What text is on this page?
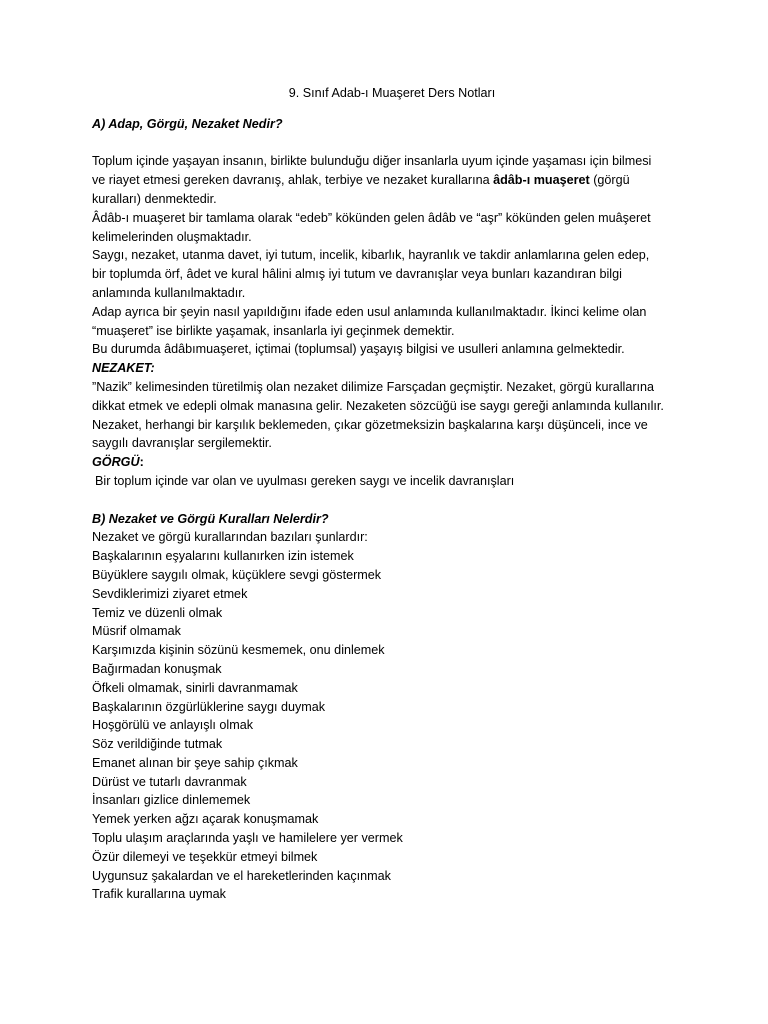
9. Sınıf Adab-ı Muaşeret Ders Notları
A) Adap, Görgü, Nezaket Nedir?

Toplum içinde yaşayan insanın, birlikte bulunduğu diğer insanlarla uyum içinde yaşaması için bilmesi

ve riayet etmesi gereken davranış, ahlak, terbiye ve nezaket kurallarına âdâb-ı muaşeret (görgü

kuralları) denmektedir.

Âdâb-ı muaşeret bir tamlama olarak “edeb” kökünden gelen âdâb ve “aşr” kökünden gelen muâşeret

kelimelerinden oluşmaktadır.

Saygı, nezaket, utanma davet, iyi tutum, incelik, kibarlık, hayranlık ve takdir anlamlarına gelen edep,

bir toplumda örf, âdet ve kural hâlini almış iyi tutum ve davranışlar veya bunları kazandıran bilgi

anlamında kullanılmaktadır.

Adap ayrıca bir şeyin nasıl yapıldığını ifade eden usul anlamında kullanılmaktadır. İkinci kelime olan

“muaşeret” ise birlikte yaşamak, insanlarla iyi geçinmek demektir.

Bu durumda âdâbımuaşeret, içtimai (toplumsal) yaşayış bilgisi ve usulleri anlamına gelmektedir.

NEZAKET:

”Nazik” kelimesinden türetilmiş olan nezaket dilimize Farsçadan geçmiştir. Nezaket, görgü kurallarına

dikkat etmek ve edepli olmak manasına gelir. Nezaketen sözcüğü ise saygı gereği anlamında kullanılır.

Nezaket, herhangi bir karşılık beklemeden, çıkar gözetmeksizin başkalarına karşı düşünceli, ince ve

saygılı davranışlar sergilemektir.

GÖRGÜ:

Bir toplum içinde var olan ve uyulması gereken saygı ve incelik davranışları

B) Nezaket ve Görgü Kuralları Nelerdir?

Nezaket ve görgü kurallarından bazıları şunlardır:

Başkalarının eşyalarını kullanırken izin istemek
Büyüklere saygılı olmak, küçüklere sevgi göstermek
Sevdiklerimizi ziyaret etmek
Temiz ve düzenli olmak
Müsrif olmamak
Karşımızda kişinin sözünü kesmemek, onu dinlemek
Bağırmadan konuşmak
Öfkeli olmamak, sinirli davranmamak
Başkalarının özgürlüklerine saygı duymak
Hoşgörülü ve anlayışlı olmak
Söz verildiğinde tutmak
Emanet alınan bir şeye sahip çıkmak
Dürüst ve tutarlı davranmak
İnsanları gizlice dinlememek
Yemek yerken ağzı açarak konuşmamak
Toplu ulaşım araçlarında yaşlı ve hamilelere yer vermek
Özür dilemeyi ve teşekkür etmeyi bilmek
Uygunsuz şakalardan ve el hareketlerinden kaçınmak
Trafik kurallarına uymak
